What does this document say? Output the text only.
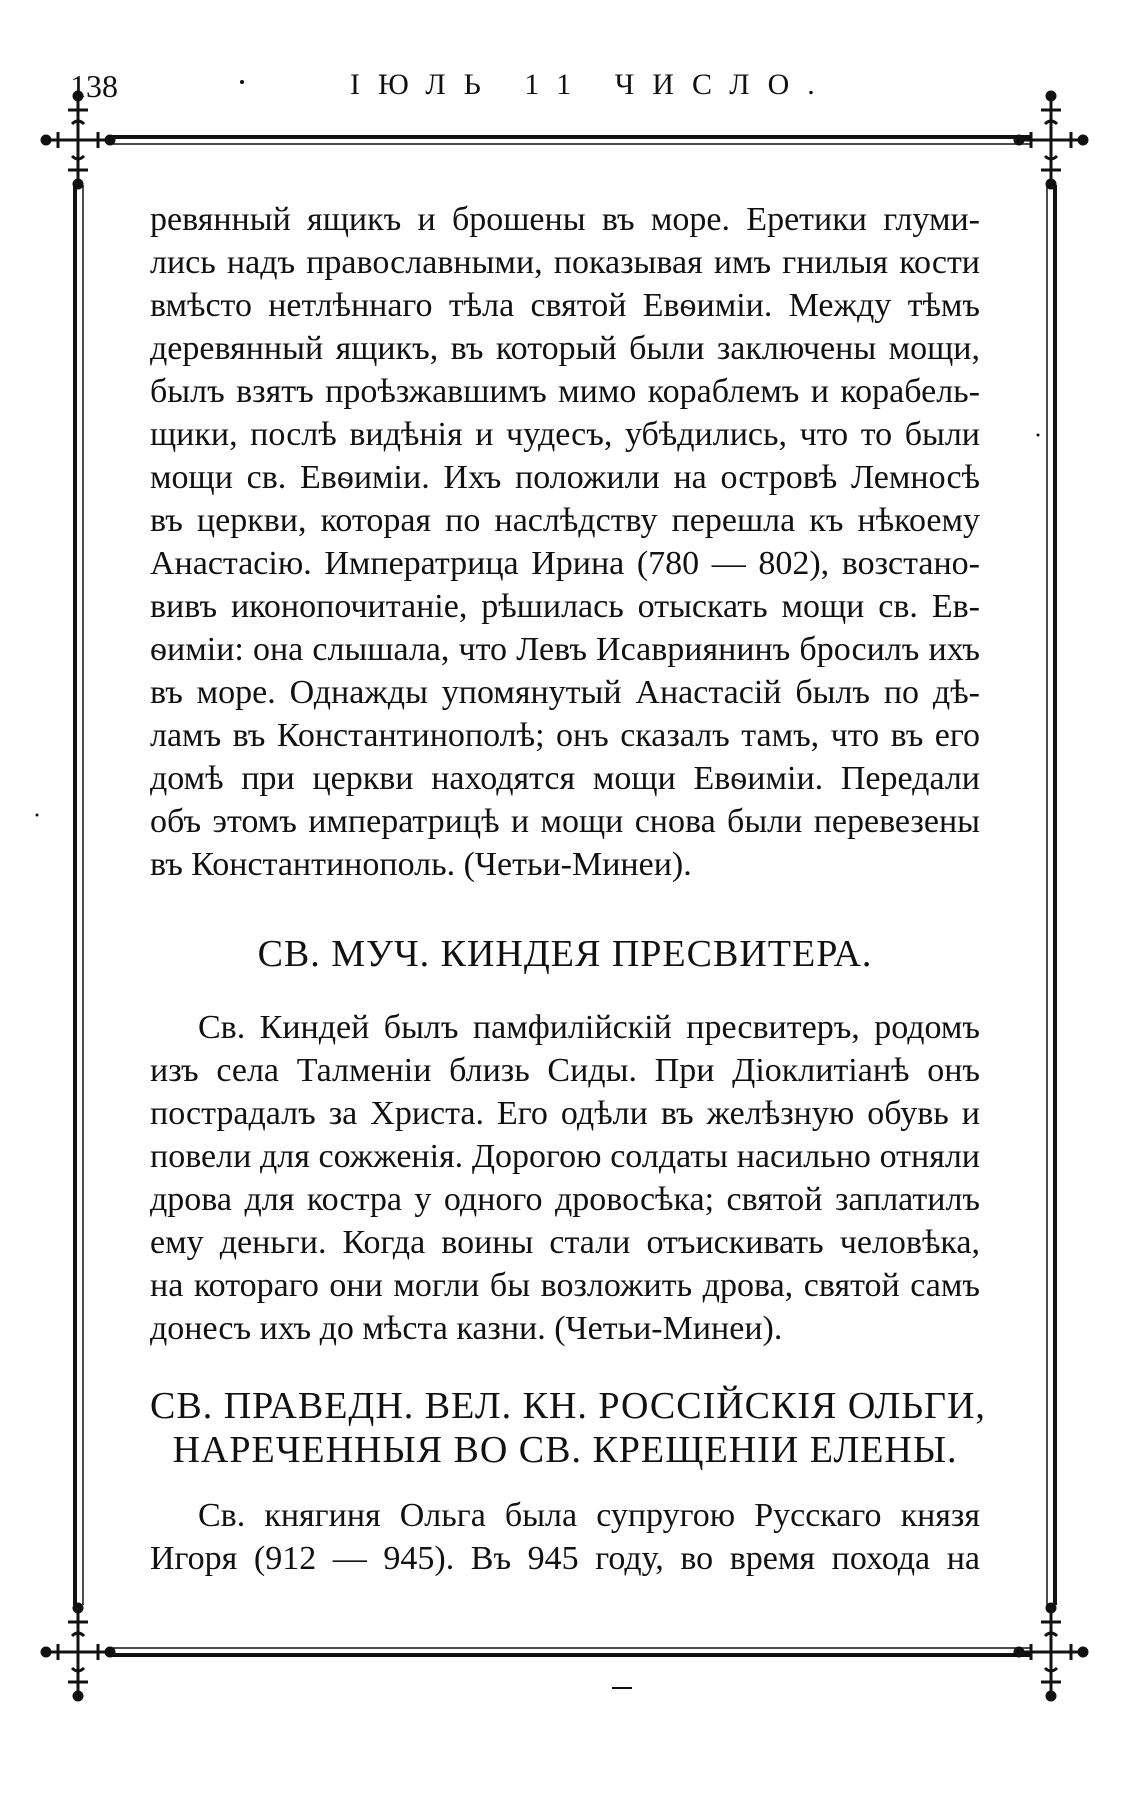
138	ІЮЛЬ 11 ЧИСЛО.
ревянный ящикъ и брошены въ море. Еретики глуми-
лись надъ православными, показывая имъ гнилыя кости
вмѣсто нетлѣннаго тѣла святой Евѳиміи. Между тѣмъ
деревянный ящикъ, въ который были заключены мощи,
былъ взятъ проѣзжавшимъ мимо кораблемъ и корабель-
щики, послѣ видѣнія и чудесъ, убѣдились, что то были
мощи св. Евѳиміи. Ихъ положили на островѣ Лемносѣ
въ церкви, которая по наслѣдству перешла къ нѣкоему
Анастасію. Императрица Ирина (780 — 802), возстано-
вивъ иконопочитаніе, рѣшилась отыскать мощи св. Ев-
ѳиміи: она слышала, что Левъ Исавриянинъ бросилъ ихъ
въ море. Однажды упомянутый Анастасій былъ по дѣ-
ламъ въ Константинополѣ; онъ сказалъ тамъ, что въ его
домѣ при церкви находятся мощи Евѳиміи. Передали
объ этомъ императрицѣ и мощи снова были перевезены
въ Константинополь. (Четьи-Минеи).
СВ. МУЧ. КИНДЕЯ ПРЕСВИТЕРА.
Св. Киндей былъ памфилійскій пресвитеръ, родомъ
изъ села Талменіи близь Сиды. При Діоклитіанѣ онъ
пострадалъ за Христа. Его одѣли въ желѣзную обувь и
повели для сожженія. Дорогою солдаты насильно отняли
дрова для костра у одного дровосѣка; святой заплатилъ
ему деньги. Когда воины стали отъискивать человѣка,
на котораго они могли бы возложить дрова, святой самъ
донесъ ихъ до мѣста казни. (Четьи-Минеи).
СВ. ПРАВЕДН. ВЕЛ. КН. РОССІЙСКІЯ ОЛЬГИ,
НАРЕЧЕННЫЯ ВО СВ. КРЕЩЕНІИ ЕЛЕНЫ.
Св. княгиня Ольга была супругою Русскаго князя
Игоря (912 — 945). Въ 945 году, во время похода на
